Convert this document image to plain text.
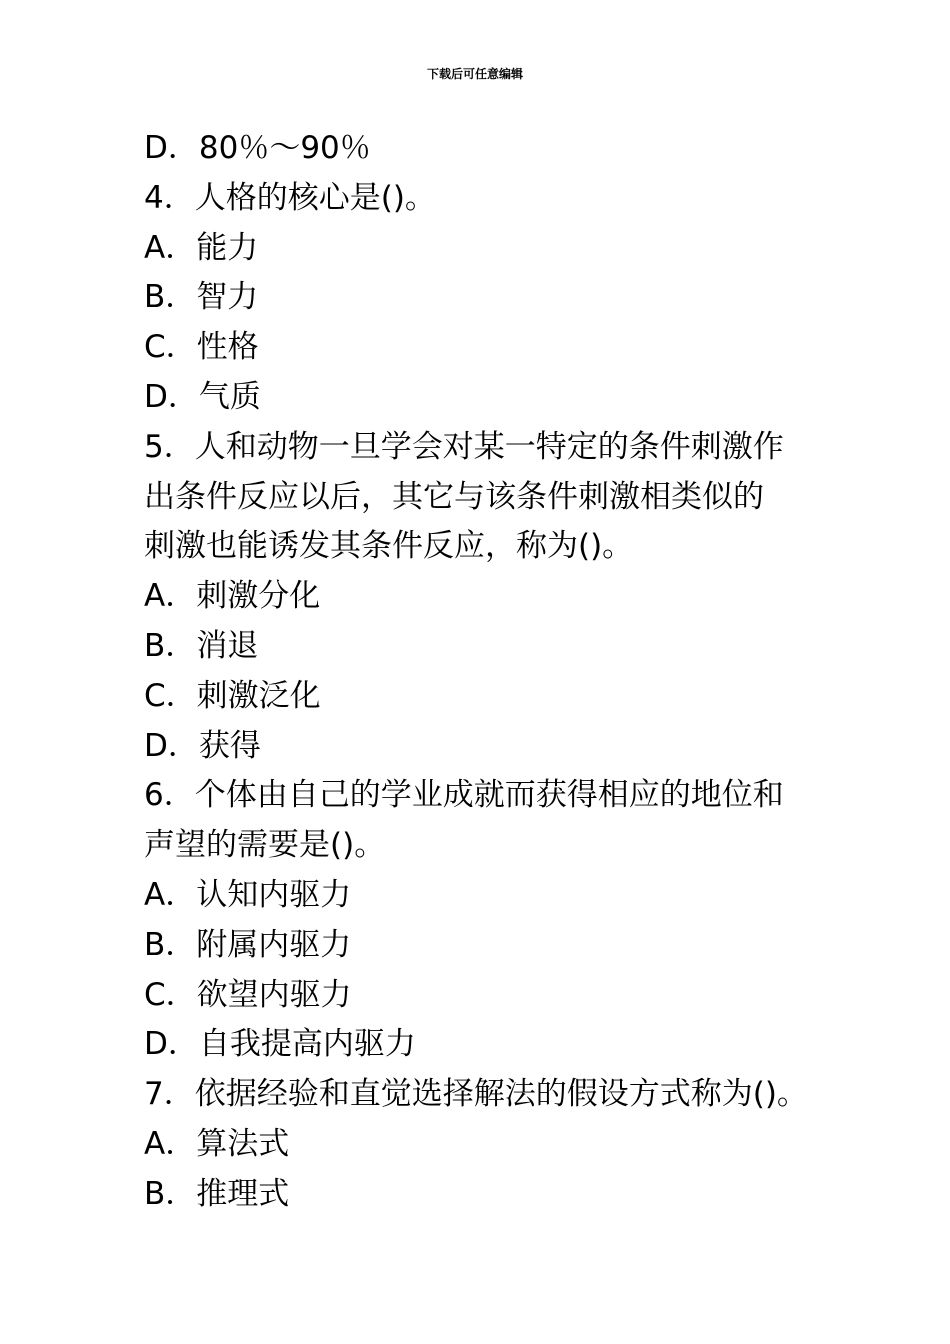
下载后可任意编辑

D．80％～90％

4．人格的核心是()。

A．能力

B．智力

C．性格

D．气质

5．人和动物一旦学会对某一特定的条件刺激作

出条件反应以后，其它与该条件刺激相类似的

刺激也能诱发其条件反应，称为()。

A．刺激分化

B．消退

C．刺激泛化

D．获得

6．个体由自己的学业成就而获得相应的地位和

声望的需要是()。

A．认知内驱力

B．附属内驱力

C．欲望内驱力

D．自我提高内驱力

7．依据经验和直觉选择解法的假设方式称为()。

A．算法式

B．推理式
